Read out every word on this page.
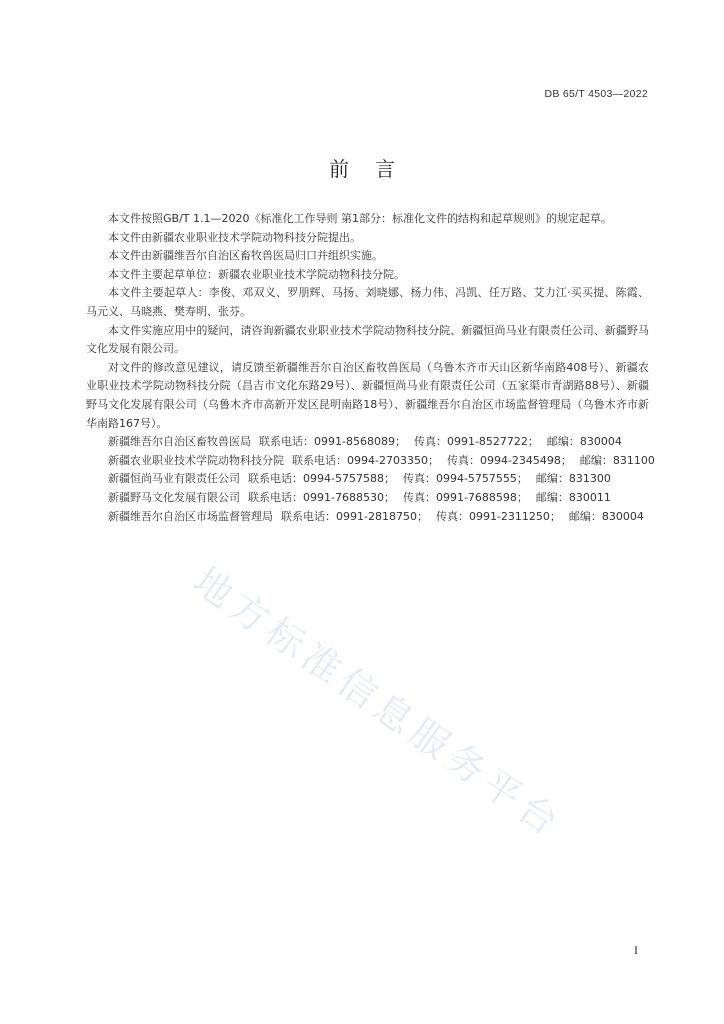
DB 65/T 4503—2022
前言

本文件按照GB/T 1.1—2020《标准化工作导则 第1部分：标准化文件的结构和起草规则》的规定起草。

本文件由新疆农业职业技术学院动物科技分院提出。

本文件由新疆维吾尔自治区畜牧兽医局归口并组织实施。

本文件主要起草单位：新疆农业职业技术学院动物科技分院。

本文件主要起草人：李俊、邓双义、罗朋辉、马扬、刘晓娜、杨力伟、冯凯、任万路、艾力江·买买提、陈霞、马元义、马晓燕、樊寿明、张芬。

本文件实施应用中的疑问，请咨询新疆农业职业技术学院动物科技分院、新疆恒尚马业有限责任公司、新疆野马文化发展有限公司。

对文件的修改意见建议，请反馈至新疆维吾尔自治区畜牧兽医局（乌鲁木齐市天山区新华南路408号）、新疆农业职业技术学院动物科技分院（昌吉市文化东路29号）、新疆恒尚马业有限责任公司（五家渠市青湖路88号）、新疆野马文化发展有限公司（乌鲁木齐市高新开发区昆明南路18号）、新疆维吾尔自治区市场监督管理局（乌鲁木齐市新华南路167号）。

新疆维吾尔自治区畜牧兽医局 联系电话：0991-8568089； 传真：0991-8527722； 邮编：830004

新疆农业职业技术学院动物科技分院 联系电话：0994-2703350； 传真：0994-2345498； 邮编：831100

新疆恒尚马业有限责任公司 联系电话：0994-5757588； 传真：0994-5757555； 邮编：831300

新疆野马文化发展有限公司 联系电话：0991-7688530； 传真：0991-7688598； 邮编：830011

新疆维吾尔自治区市场监督管理局 联系电话：0991-2818750； 传真：0991-2311250； 邮编：830004

地方标准信息服务平台
I
